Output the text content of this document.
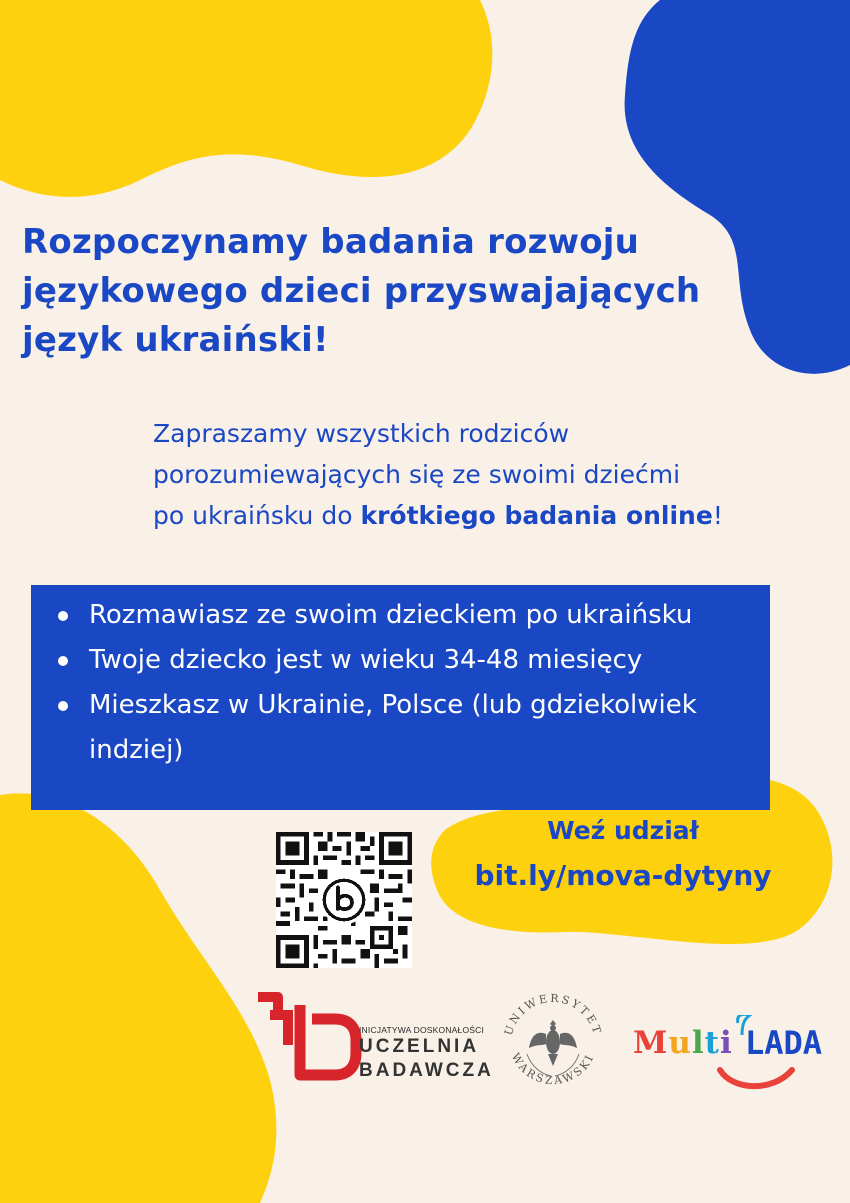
Rozpoczynamy badania rozwoju
językowego dzieci przyswajających
język ukraiński!

Zapraszamy wszystkich rodziców
porozumiewających się ze swoimi dziećmi
po ukraińsku do krótkiego badania online!

Rozmawiasz ze swoim dzieckiem po ukraińsku
Twoje dziecko jest w wieku 34-48 miesięcy
Mieszkasz w Ukrainie, Polsce (lub gdziekolwiek indziej)
Weź udział
bit.ly/mova-dytyny
INICJATYWA DOSKONAŁOŚCI
UCZELNIA
BADAWCZA
UNIWERSYTET
WARSZAWSKI Multi LADA
